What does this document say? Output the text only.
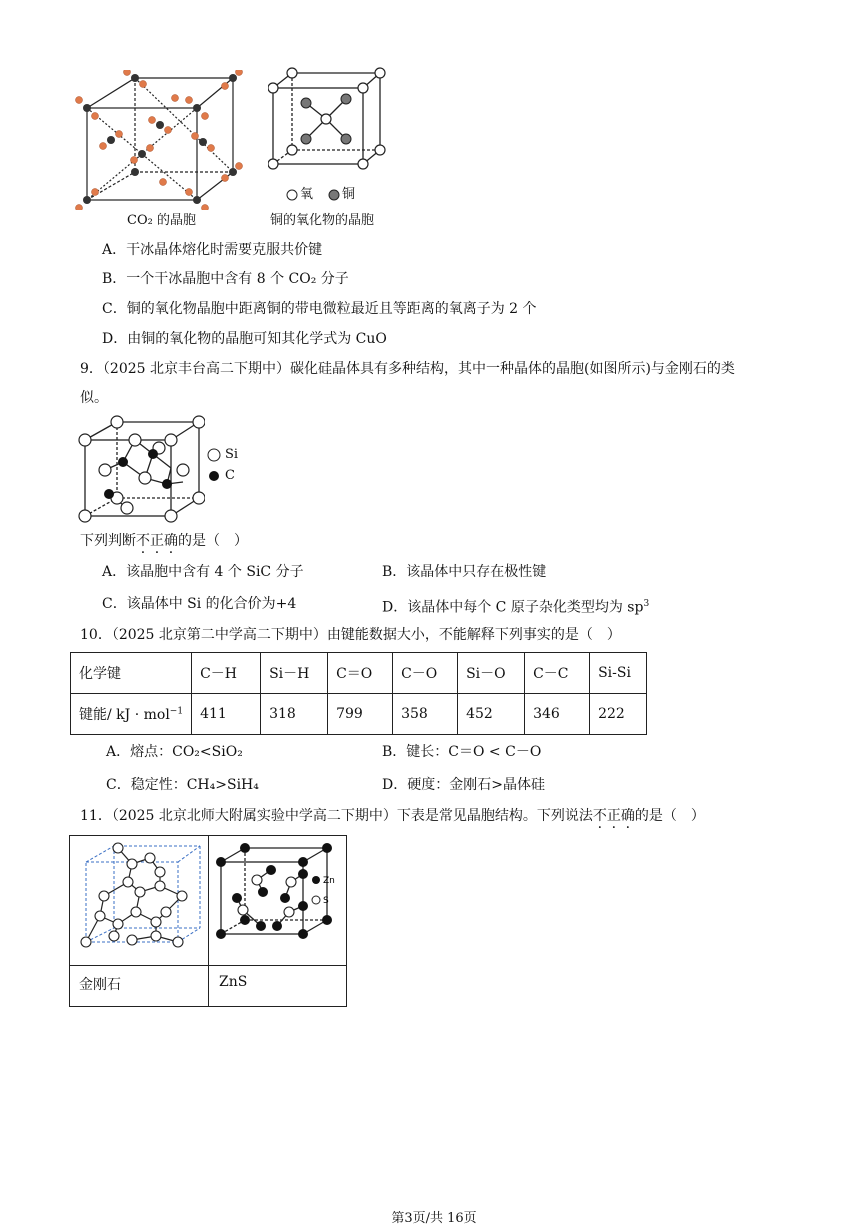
CO₂ 的晶胞
氧 铜
铜的氧化物的晶胞
A．干冰晶体熔化时需要克服共价键
B．一个干冰晶胞中含有 8 个 CO₂ 分子
C．铜的氧化物晶胞中距离铜的带电微粒最近且等距离的氧离子为 2 个
D．由铜的氧化物的晶胞可知其化学式为 CuO
9．（2025 北京丰台高二下期中）碳化硅晶体具有多种结构，其中一种晶体的晶胞(如图所示)与金刚石的类
似。
Si
C
下列判断不正确的是（　）
A．该晶胞中含有 4 个 SiC 分子	B．该晶体中只存在极性键
C．该晶体中 Si 的化合价为+4	D．该晶体中每个 C 原子杂化类型均为 $sp^3$
10．（2025 北京第二中学高二下期中）由键能数据大小，不能解释下列事实的是（　）
化学键	C－H	Si－H	C＝O	C－O	Si－O	C－C	Si-Si
键能/ kJ · mol$^{-1}$	411	318	799	358	452	346	222
A．熔点：CO₂<SiO₂	B．键长：C＝O < C－O
C．稳定性：CH₄>SiH₄	D．硬度：金刚石>晶体硅
11．（2025 北京北师大附属实验中学高二下期中）下表是常见晶胞结构。下列说法不正确的是（　）

Zn
S

金刚石	ZnS
第3页/共 16页
